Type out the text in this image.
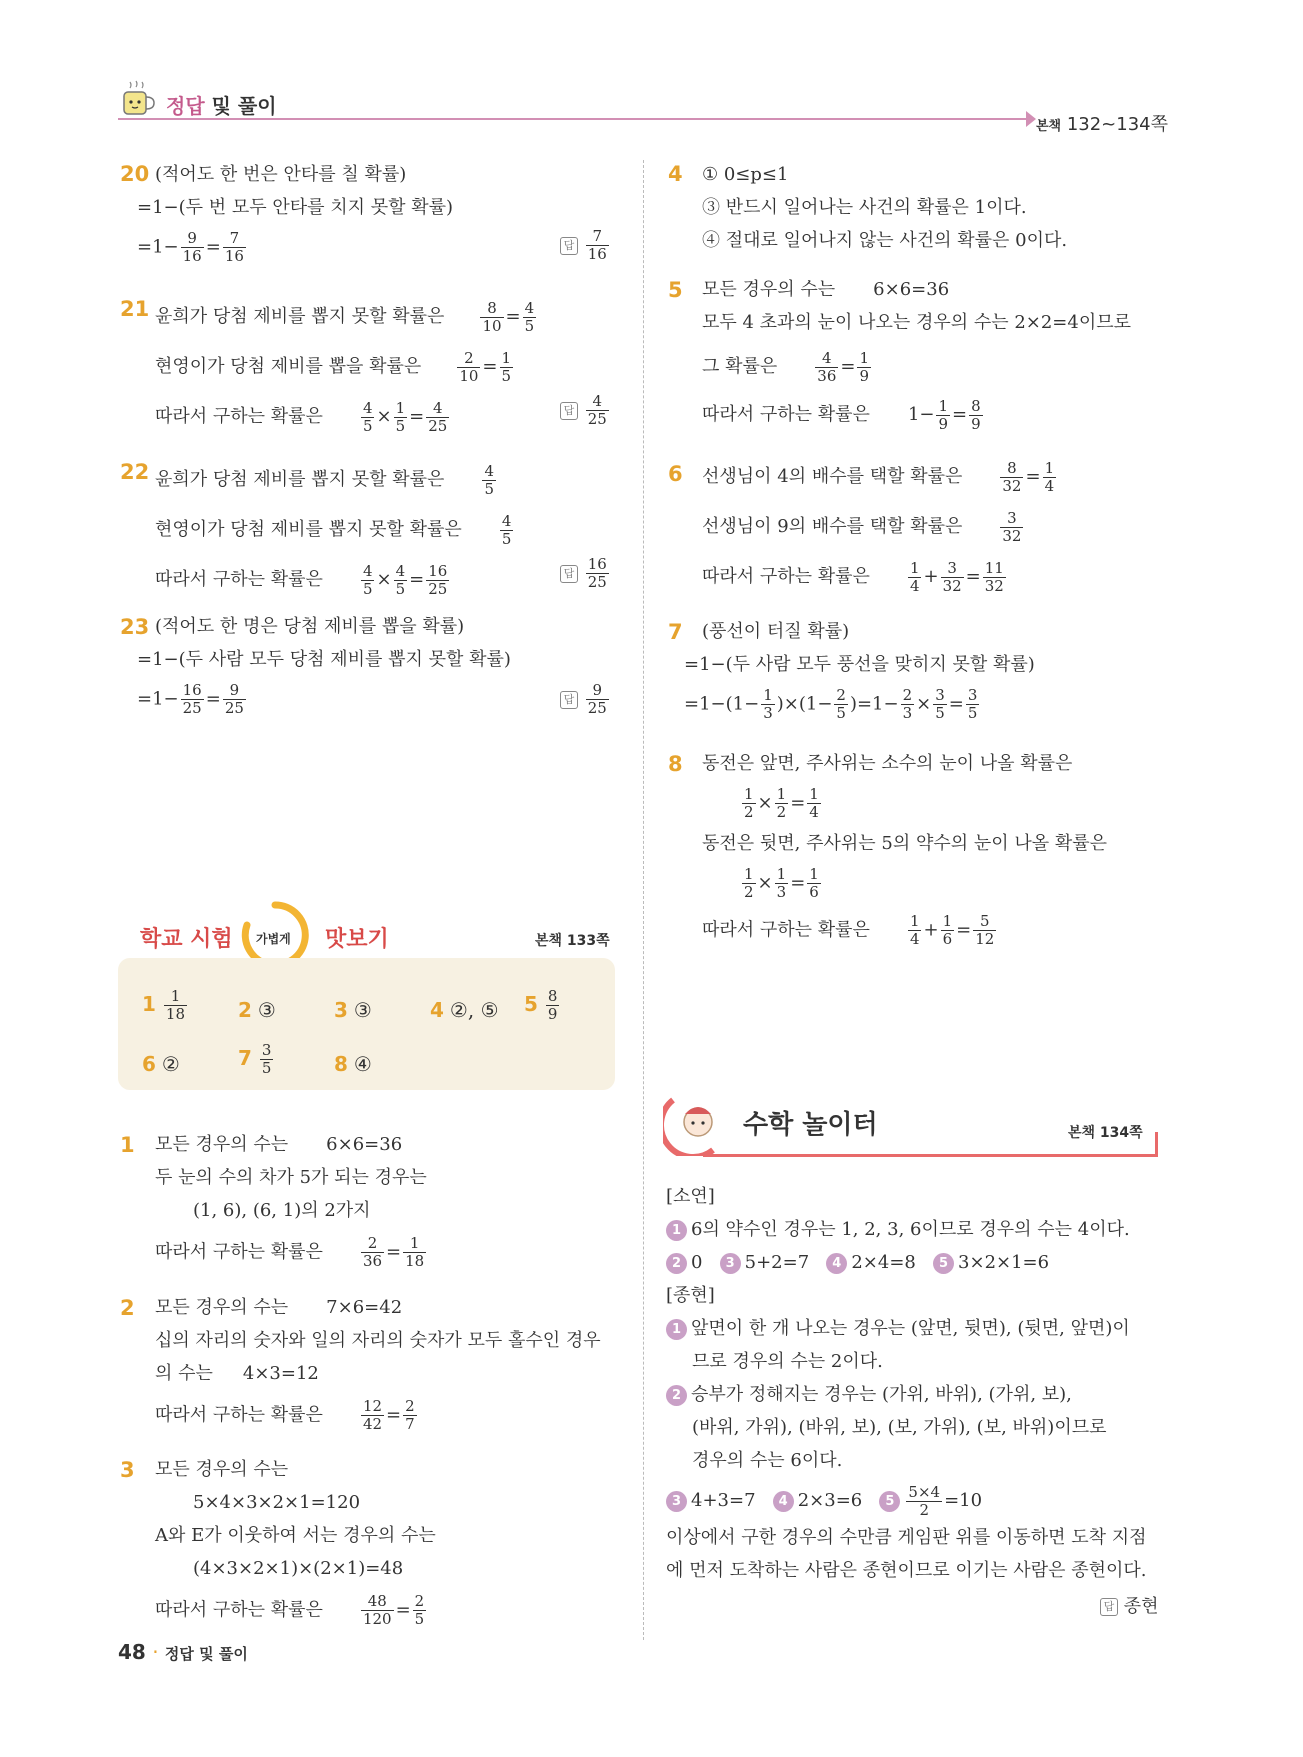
정답 및 풀이
본책 132~134쪽
20 (적어도 한 번은 안타를 칠 확률)
=1−(두 번 모두 안타를 치지 못할 확률)
$=1- \frac{9}{16} = \frac{7}{16}$	답 $\frac{7}{16}$
21 윤희가 당첨 제비를 뽑지 못할 확률은 $\frac{8}{10} = \frac{4}{5}$
현영이가 당첨 제비를 뽑을 확률은 $\frac{2}{10} = \frac{1}{5}$
따라서 구하는 확률은	$\frac{4}{5} \times \frac{1}{5} = \frac{4}{25}$	답 $\frac{4}{25}$
22 윤희가 당첨 제비를 뽑지 못할 확률은	$\frac{4}{5}$
현영이가 당첨 제비를 뽑지 못할 확률은	$\frac{4}{5}$
따라서 구하는 확률은	$\frac{4}{5} \times \frac{4}{5} = \frac{16}{25}$	답 $\frac{16}{25}$
23 (적어도 한 명은 당첨 제비를 뽑을 확률)
=1−(두 사람 모두 당첨 제비를 뽑지 못할 확률)
$=1- \frac{16}{25} = \frac{9}{25}$	답 $\frac{9}{25}$
학교 시험 가볍게 맛보기	본책 133쪽
$1 \frac{1}{18}$	2 ③	3 ③	4 ②, ⑤ $5 \frac{8}{9}$
6 ②	$7 \frac{3}{5}$	8 ④
1 모든 경우의 수는 6×6=36
두 눈의 수의 차가 5가 되는 경우는
(1, 6), (6, 1)의 2가지
따라서 구하는 확률은	$\frac{2}{36} = \frac{1}{18}$
2 모든 경우의 수는 7×6=42
십의 자리의 숫자와 일의 자리의 숫자가 모두 홀수인 경우
의 수는 4×3=12
따라서 구하는 확률은	$\frac{12}{42} = \frac{2}{7}$
3 모든 경우의 수는
5×4×3×2×1=120
A와 E가 이웃하여 서는 경우의 수는
(4×3×2×1)×(2×1)=48
따라서 구하는 확률은	$\frac{48}{120} = \frac{2}{5}$
4 ① 0≤p≤1
③ 반드시 일어나는 사건의 확률은 1이다.
④ 절대로 일어나지 않는 사건의 확률은 0이다.
5 모든 경우의 수는 6×6=36
모두 4 초과의 눈이 나오는 경우의 수는 2×2=4이므로
그 확률은	$\frac{4}{36} = \frac{1}{9}$
따라서 구하는 확률은 $1- \frac{1}{9} = \frac{8}{9}$
6 선생님이 4의 배수를 택할 확률은	$\frac{8}{32} = \frac{1}{4}$
선생님이 9의 배수를 택할 확률은	$\frac{3}{32}$
따라서 구하는 확률은	$\frac{1}{4} + \frac{3}{32} = \frac{11}{32}$
7 (풍선이 터질 확률)
=1−(두 사람 모두 풍선을 맞히지 못할 확률)
$=1-(1- \frac{1}{3} )\times(1- \frac{2}{5} )=1- \frac{2}{3} \times \frac{3}{5} = \frac{3}{5}$
8 동전은 앞면, 주사위는 소수의 눈이 나올 확률은
$\frac{1}{2} \times \frac{1}{2} = \frac{1}{4}$
동전은 뒷면, 주사위는 5의 약수의 눈이 나올 확률은
$\frac{1}{2} \times \frac{1}{3} = \frac{1}{6}$
따라서 구하는 확률은	$\frac{1}{4} + \frac{1}{6} = \frac{5}{12}$
수학 놀이터	본책 134쪽
[소연]
1 6의 약수인 경우는 1, 2, 3, 6이므로 경우의 수는 4이다.
2 0 3 5+2=7 4 2×4=8 5 3×2×1=6
[종현]
1 앞면이 한 개 나오는 경우는 (앞면, 뒷면), (뒷면, 앞면)이
므로 경우의 수는 2이다.
2 승부가 정해지는 경우는 (가위, 바위), (가위, 보),
(바위, 가위), (바위, 보), (보, 가위), (보, 바위)이므로
경우의 수는 6이다.
3 4+3=7 4 2×3=6 $5 \frac{5\times 4}{2} =10$
이상에서 구한 경우의 수만큼 게임판 위를 이동하면 도착 지점
에 먼저 도착하는 사람은 종현이므로 이기는 사람은 종현이다.
답 종현
48 · 정답 및 풀이
